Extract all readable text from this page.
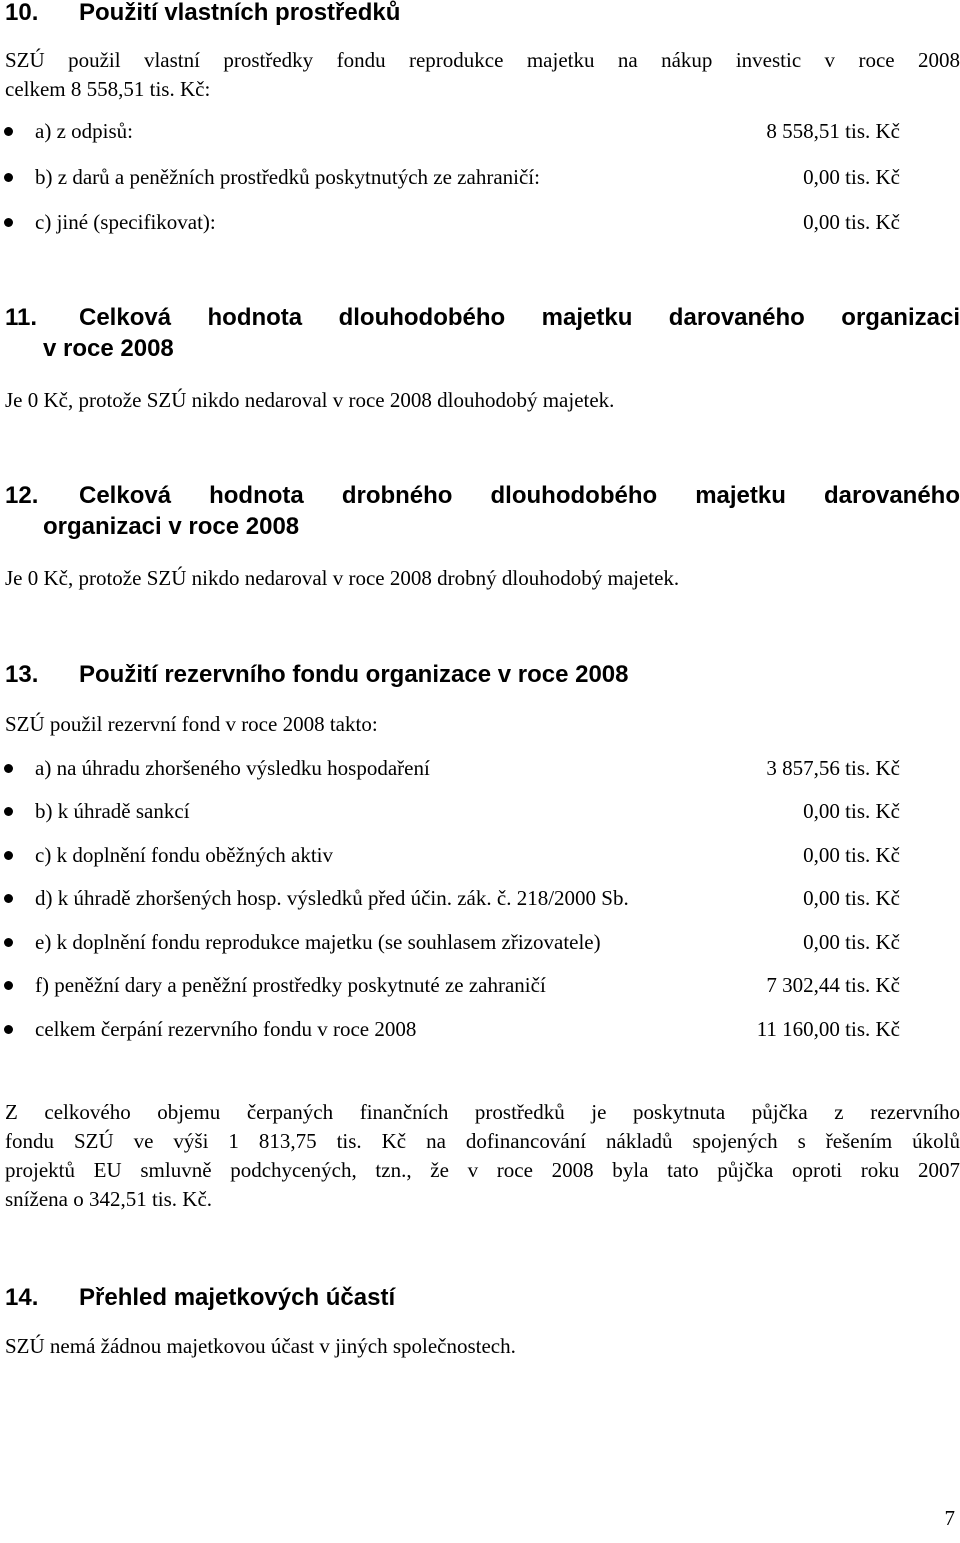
10. Použití vlastních prostředků

SZÚ použil vlastní prostředky fondu reprodukce majetku na nákup investic v roce 2008
celkem 8 558,51 tis. Kč:

a) z odpisů:	8 558,51 tis. Kč
b) z darů a peněžních prostředků poskytnutých ze zahraničí:	0,00 tis. Kč
c) jiné (specifikovat):	0,00 tis. Kč
11. Celková hodnota dlouhodobého majetku darovaného organizaci
v roce 2008

Je 0 Kč, protože SZÚ nikdo nedaroval v roce 2008 dlouhodobý majetek.

12. Celková hodnota drobného dlouhodobého majetku darovaného
organizaci v roce 2008

Je 0 Kč, protože SZÚ nikdo nedaroval v roce 2008 drobný dlouhodobý majetek.

13. Použití rezervního fondu organizace v roce 2008

SZÚ použil rezervní fond v roce 2008 takto:

a) na úhradu zhoršeného výsledku hospodaření	3 857,56 tis. Kč
b) k úhradě sankcí	0,00 tis. Kč
c) k doplnění fondu oběžných aktiv	0,00 tis. Kč
d) k úhradě zhoršených hosp. výsledků před účin. zák. č. 218/2000 Sb.	0,00 tis. Kč
e) k doplnění fondu reprodukce majetku (se souhlasem zřizovatele)	0,00 tis. Kč
f) peněžní dary a peněžní prostředky poskytnuté ze zahraničí	7 302,44 tis. Kč
celkem čerpání rezervního fondu v roce 2008	11 160,00 tis. Kč

Z celkového objemu čerpaných finančních prostředků je poskytnuta půjčka z rezervního
fondu SZÚ ve výši 1 813,75 tis. Kč na dofinancování nákladů spojených s řešením úkolů
projektů EU smluvně podchycených, tzn., že v roce 2008 byla tato půjčka oproti roku 2007
snížena o 342,51 tis. Kč.

14. Přehled majetkových účastí

SZÚ nemá žádnou majetkovou účast v jiných společnostech.

7
